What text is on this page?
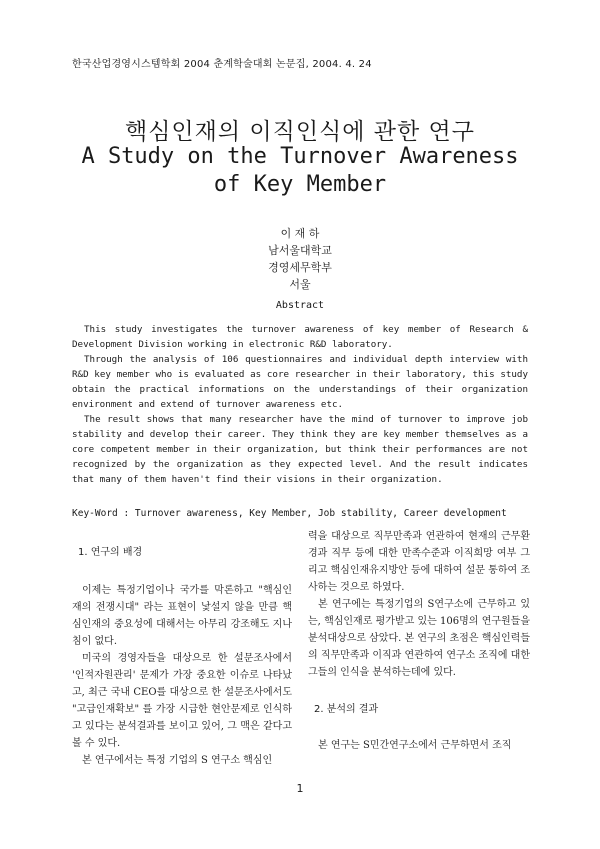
한국산업경영시스템학회 2004 춘계학술대회 논문집, 2004. 4. 24
핵심인재의 이직인식에 관한 연구
A Study on the Turnover Awareness of Key Member
이 재 하
남서울대학교
경영세무학부
서울
Abstract

This study investigates the turnover awareness of key member of Research & Development Division working in electronic R&D laboratory.

Through the analysis of 106 questionnaires and individual depth interview with R&D key member who is evaluated as core researcher in their laboratory, this study obtain the practical informations on the understandings of their organization environment and extend of turnover awareness etc.

The result shows that many researcher have the mind of turnover to improve job stability and develop their career. They think they are key member themselves as a core competent member in their organization, but think their performances are not recognized by the organization as they expected level. And the result indicates that many of them haven't find their visions in their organization.

Key-Word : Turnover awareness, Key Member, Job stability, Career development
1. 연구의 배경

이제는 특정기업이나 국가를 막론하고 "핵심인재의 전쟁시대" 라는 표현이 낯설지 않을 만큼 핵심인재의 중요성에 대해서는 아무리 강조해도 지나침이 없다.

미국의 경영자들을 대상으로 한 설문조사에서 '인적자원관리' 문제가 가장 중요한 이슈로 나타났고, 최근 국내 CEO를 대상으로 한 설문조사에서도 "고급인재확보" 를 가장 시급한 현안문제로 인식하고 있다는 분석결과를 보이고 있어, 그 맥은 같다고 볼 수 있다.

본 연구에서는 특정 기업의 S 연구소 핵심인

력을 대상으로 직무만족과 연관하여 현재의 근무환경과 직무 등에 대한 만족수준과 이직희망 여부 그리고 핵심인재유지방안 등에 대하여 설문 통하여 조사하는 것으로 하였다.

본 연구에는 특정기업의 S연구소에 근무하고 있는, 핵심인재로 평가받고 있는 106명의 연구원들을 분석대상으로 삼았다. 본 연구의 초점은 핵심인력들의 직무만족과 이직과 연관하여 연구소 조직에 대한 그들의 인식을 분석하는데에 있다.

2. 분석의 결과

본 연구는 S민간연구소에서 근무하면서 조직

1
